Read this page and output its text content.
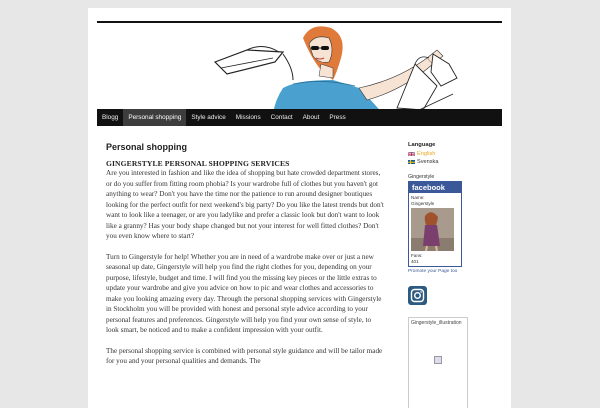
Blogg	Personal shopping	Style advice	Missions	Contact	About	Press
Personal shopping
GINGERSTYLE PERSONAL SHOPPING SERVICES

Are you interested in fashion and like the idea of shopping but hate crowded department stores, or do you suffer from fitting room phobia? Is your wardrobe full of clothes but you haven't got anything to wear? Don't you have the time nor the patience to run around designer boutiques looking for the perfect outfit for next weekend's big party? Do you like the latest trends but don't want to look like a teenager, or are you ladylike and prefer a classic look but don't want to look like a granny? Has your body shape changed but not your interest for well fitted clothes? Don't you even know where to start?

Turn to Gingerstyle for help! Whether you are in need of a wardrobe make over or just a new seasonal up date, Gingerstyle will help you find the right clothes for you, depending on your purpose, lifestyle, budget and time. I will find you the missing key pieces or the little extras to update your wardrobe and give you advice on how to pic and wear clothes and accessories to make you looking amazing every day. Through the personal shopping services with Gingerstyle in Stockholm you will be provided with honest and personal style advice according to your personal features and preferences. Gingerstyle will help you find your own sense of style, to look smart, be noticed and to make a confident impression with your outfit.

The personal shopping service is combined with personal style guidance and will be tailor made for you and your personal qualities and demands. The

Language
English
Svenska
Gingerstyle
facebook
Name:
Gingerstyle
Fans:
401
Promote your Page too
Gingerstyle_illustration
